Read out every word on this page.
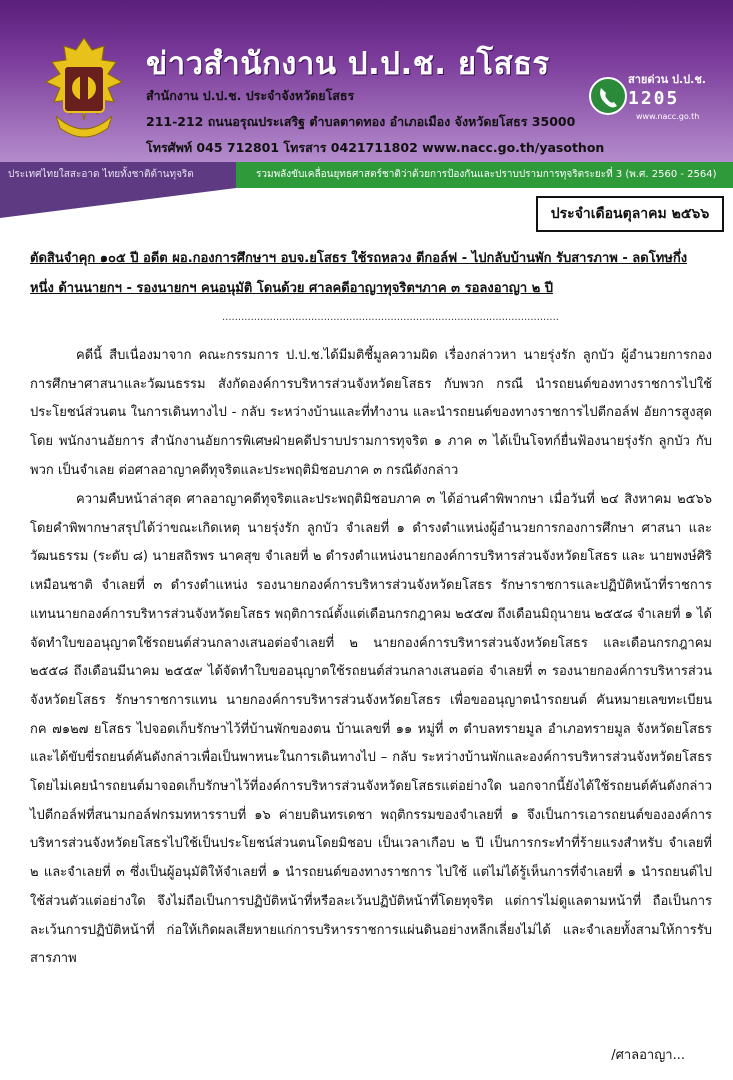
ข่าวสำนักงาน ป.ป.ช. ยโสธร
สำนักงาน ป.ป.ช. ประจำจังหวัดยโสธร
211-212 ถนนอรุณประเสริฐ ตำบลตาดทอง อำเภอเมือง จังหวัดยโสธร 35000
โทรศัพท์ 045 712801 โทรสาร 0421711802 www.nacc.go.th/yasothon
สายด่วน ป.ป.ช.
1205
www.nacc.go.th
ประเทศไทยใสสะอาด ไทยทั้งชาติต้านทุจริต	รวมพลังขับเคลื่อนยุทธศาสตร์ชาติว่าด้วยการป้องกันและปราบปรามการทุจริตระยะที่ 3 (พ.ศ. 2560 - 2564)
ประจำเดือนตุลาคม ๒๕๖๖
ตัดสินจำคุก ๑๐๕ ปี อดีต ผอ.กองการศึกษาฯ อบจ.ยโสธร ใช้รถหลวง ตีกอล์ฟ - ไปกลับบ้านพัก รับสารภาพ - ลดโทษกึ่งหนึ่ง ด้านนายกฯ - รองนายกฯ คนอนุมัติ โดนด้วย ศาลคดีอาญาทุจริตฯภาค ๓ รอลงอาญา ๒ ปี
..........................................................................................................
คดีนี้ สืบเนื่องมาจาก คณะกรรมการ ป.ป.ช.ได้มีมติชี้มูลความผิด เรื่องกล่าวหา นายรุ่งรัก ลูกบัว ผู้อำนวยการกองการศึกษาศาสนาและวัฒนธรรม สังกัดองค์การบริหารส่วนจังหวัดยโสธร กับพวก กรณี นำรถยนต์ของทางราชการไปใช้ประโยชน์ส่วนตน ในการเดินทางไป - กลับ ระหว่างบ้านและที่ทำงาน และนำรถยนต์ของทางราชการไปตีกอล์ฟ อัยการสูงสุด โดย พนักงานอัยการ สำนักงานอัยการพิเศษฝ่ายคดีปราบปรามการทุจริต ๑ ภาค ๓ ได้เป็นโจทก์ยื่นฟ้องนายรุ่งรัก ลูกบัว กับพวก เป็นจำเลย ต่อศาลอาญาคดีทุจริตและประพฤติมิชอบภาค ๓ กรณีดังกล่าว
ความคืบหน้าล่าสุด ศาลอาญาคดีทุจริตและประพฤติมิชอบภาค ๓ ได้อ่านคำพิพากษา เมื่อวันที่ ๒๔ สิงหาคม ๒๕๖๖ โดยคำพิพากษาสรุปได้ว่าขณะเกิดเหตุ นายรุ่งรัก ลูกบัว จำเลยที่ ๑ ดำรงตำแหน่งผู้อำนวยการกองการศึกษา ศาสนา และวัฒนธรรม (ระดับ ๘) นายสถิรพร นาคสุข จำเลยที่ ๒ ดำรงตำแหน่งนายกองค์การบริหารส่วนจังหวัดยโสธร และ นายพงษ์ศิริ เหมือนชาติ จำเลยที่ ๓ ดำรงตำแหน่ง รองนายกองค์การบริหารส่วนจังหวัดยโสธร รักษาราชการและปฏิบัติหน้าที่ราชการแทนนายกองค์การบริหารส่วนจังหวัดยโสธร พฤติการณ์ตั้งแต่เดือนกรกฎาคม ๒๕๕๗ ถึงเดือนมิถุนายน ๒๕๕๘ จำเลยที่ ๑ ได้จัดทำใบขออนุญาตใช้รถยนต์ส่วนกลางเสนอต่อจำเลยที่ ๒ นายกองค์การบริหารส่วนจังหวัดยโสธร และเดือนกรกฎาคม ๒๕๕๘ ถึงเดือนมีนาคม ๒๕๕๙ ได้จัดทำใบขออนุญาตใช้รถยนต์ส่วนกลางเสนอต่อ จำเลยที่ ๓ รองนายกองค์การบริหารส่วนจังหวัดยโสธร รักษาราชการแทน นายกองค์การบริหารส่วนจังหวัดยโสธร เพื่อขออนุญาตนำรถยนต์ คันหมายเลขทะเบียน กค ๗๑๒๗ ยโสธร ไปจอดเก็บรักษาไว้ที่บ้านพักของตน บ้านเลขที่ ๑๑ หมู่ที่ ๓ ตำบลทรายมูล อำเภอทรายมูล จังหวัดยโสธร และได้ขับขี่รถยนต์คันดังกล่าวเพื่อเป็นพาหนะในการเดินทางไป – กลับ ระหว่างบ้านพักและองค์การบริหารส่วนจังหวัดยโสธร โดยไม่เคยนำรถยนต์มาจอดเก็บรักษาไว้ที่องค์การบริหารส่วนจังหวัดยโสธรแต่อย่างใด นอกจากนี้ยังได้ใช้รถยนต์คันดังกล่าว ไปตีกอล์ฟที่สนามกอล์ฟกรมทหารราบที่ ๑๖ ค่ายบดินทรเดชา พฤติกรรมของจำเลยที่ ๑ จึงเป็นการเอารถยนต์ขององค์การบริหารส่วนจังหวัดยโสธรไปใช้เป็นประโยชน์ส่วนตนโดยมิชอบ เป็นเวลาเกือบ ๒ ปี เป็นการกระทำที่ร้ายแรงสำหรับ จำเลยที่ ๒ และจำเลยที่ ๓ ซึ่งเป็นผู้อนุมัติให้จำเลยที่ ๑ นำรถยนต์ของทางราชการ ไปใช้ แต่ไม่ได้รู้เห็นการที่จำเลยที่ ๑ นำรถยนต์ไปใช้ส่วนตัวแต่อย่างใด จึงไม่ถือเป็นการปฏิบัติหน้าที่หรือละเว้นปฏิบัติหน้าที่โดยทุจริต แต่การไม่ดูแลตามหน้าที่ ถือเป็นการละเว้นการปฏิบัติหน้าที่ ก่อให้เกิดผลเสียหายแก่การบริหารราชการแผ่นดินอย่างหลีกเลี่ยงไม่ได้ และจำเลยทั้งสามให้การรับสารภาพ
/ศาลอาญา...
